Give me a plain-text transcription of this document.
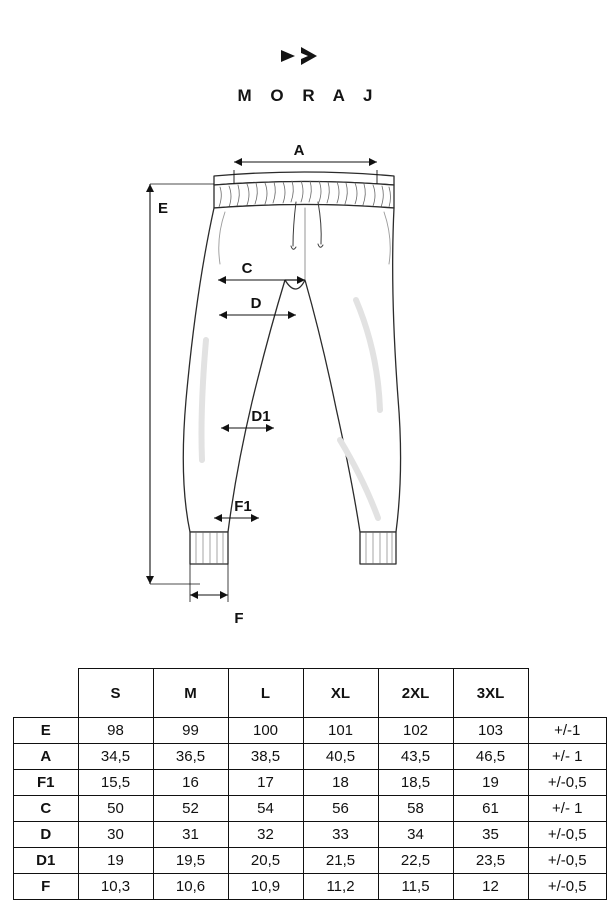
M O R A J
A
E
C
D
D1
F1
F
	S	M	L	XL	2XL	3XL	
E	98	99	100	101	102	103	+/-1
A	34,5	36,5	38,5	40,5	43,5	46,5	+/- 1
F1	15,5	16	17	18	18,5	19	+/-0,5
C	50	52	54	56	58	61	+/- 1
D	30	31	32	33	34	35	+/-0,5
D1	19	19,5	20,5	21,5	22,5	23,5	+/-0,5
F	10,3	10,6	10,9	11,2	11,5	12	+/-0,5
